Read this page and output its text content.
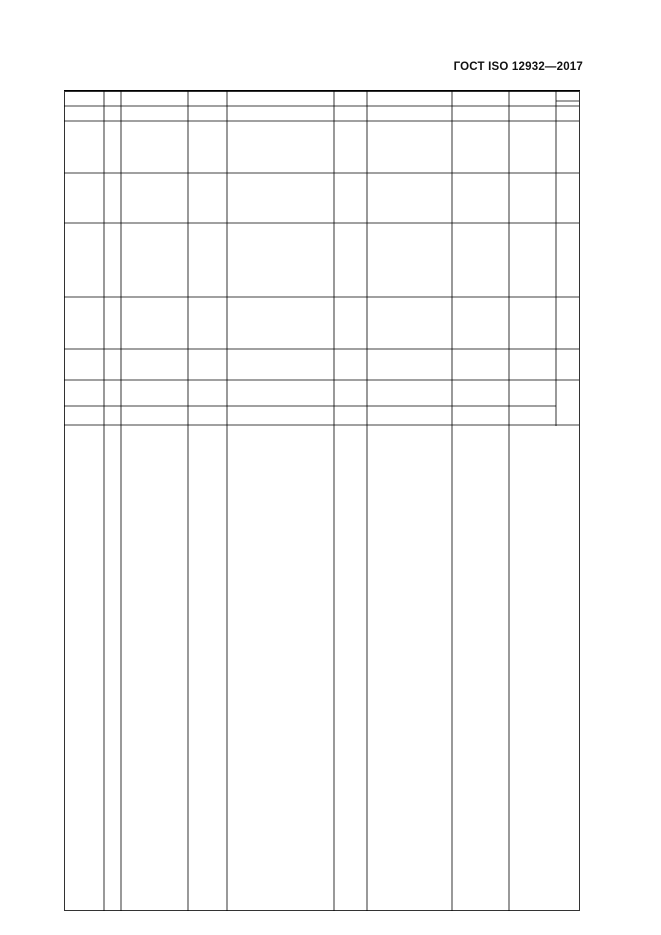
ГОСТ ISO 12932—2017
5
Таблица 1 — Ограничения на дефекты	Ограничения на дефекты для различных уровней качества	B
C
D
